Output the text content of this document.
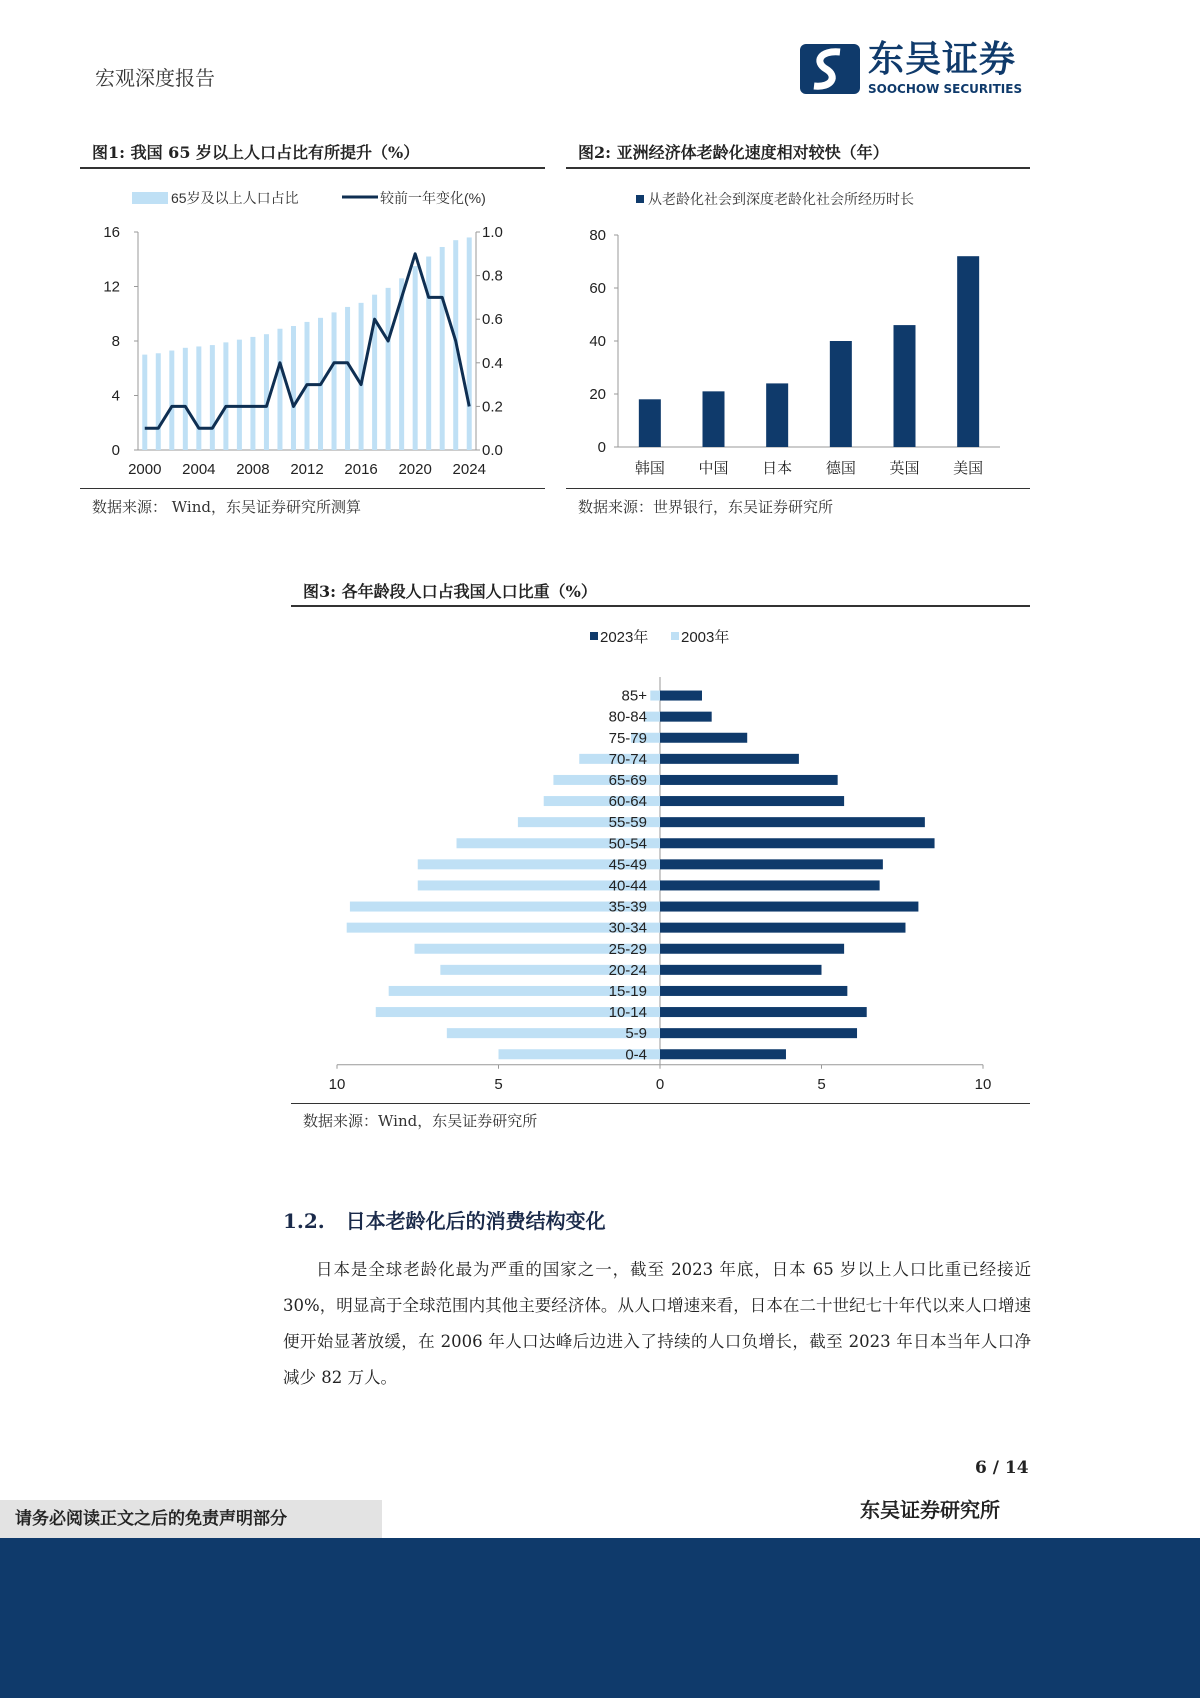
宏观深度报告	东吴证券
SOOCHOW SECURITIES
图1: 我国 65 岁以上人口占比有所提升（%）
65岁及以上人口占比	较前一年变化(%)
0
4
8
12
16
0.0
0.2
0.4
0.6
0.8
1.0
2000 2004 2008 2012 2016 2020 2024
数据来源： Wind，东吴证券研究所测算
图2: 亚洲经济体老龄化速度相对较快（年）
从老龄化社会到深度老龄化社会所经历时长
0
20
40
60
80
韩国 中国 日本 德国 英国 美国
数据来源：世界银行，东吴证券研究所
图3: 各年龄段人口占我国人口比重（%）
2023年 2003年
10	5	0	5	10
85+
80-84
75-79
70-74
65-69
60-64
55-59
50-54
45-49
40-44
35-39
30-34
25-29
20-24
15-19
10-14
5-9
0-4
数据来源：Wind，东吴证券研究所
1.2. 日本老龄化后的消费结构变化
日本是全球老龄化最为严重的国家之一，截至 2023 年底，日本 65 岁以上人口比重已经接近 30%，明显高于全球范围内其他主要经济体。从人口增速来看，日本在二十世纪七十年代以来人口增速便开始显著放缓，在 2006 年人口达峰后边进入了持续的人口负增长，截至 2023 年日本当年人口净减少 82 万人。
6 / 14
请务必阅读正文之后的免责声明部分	东吴证券研究所
